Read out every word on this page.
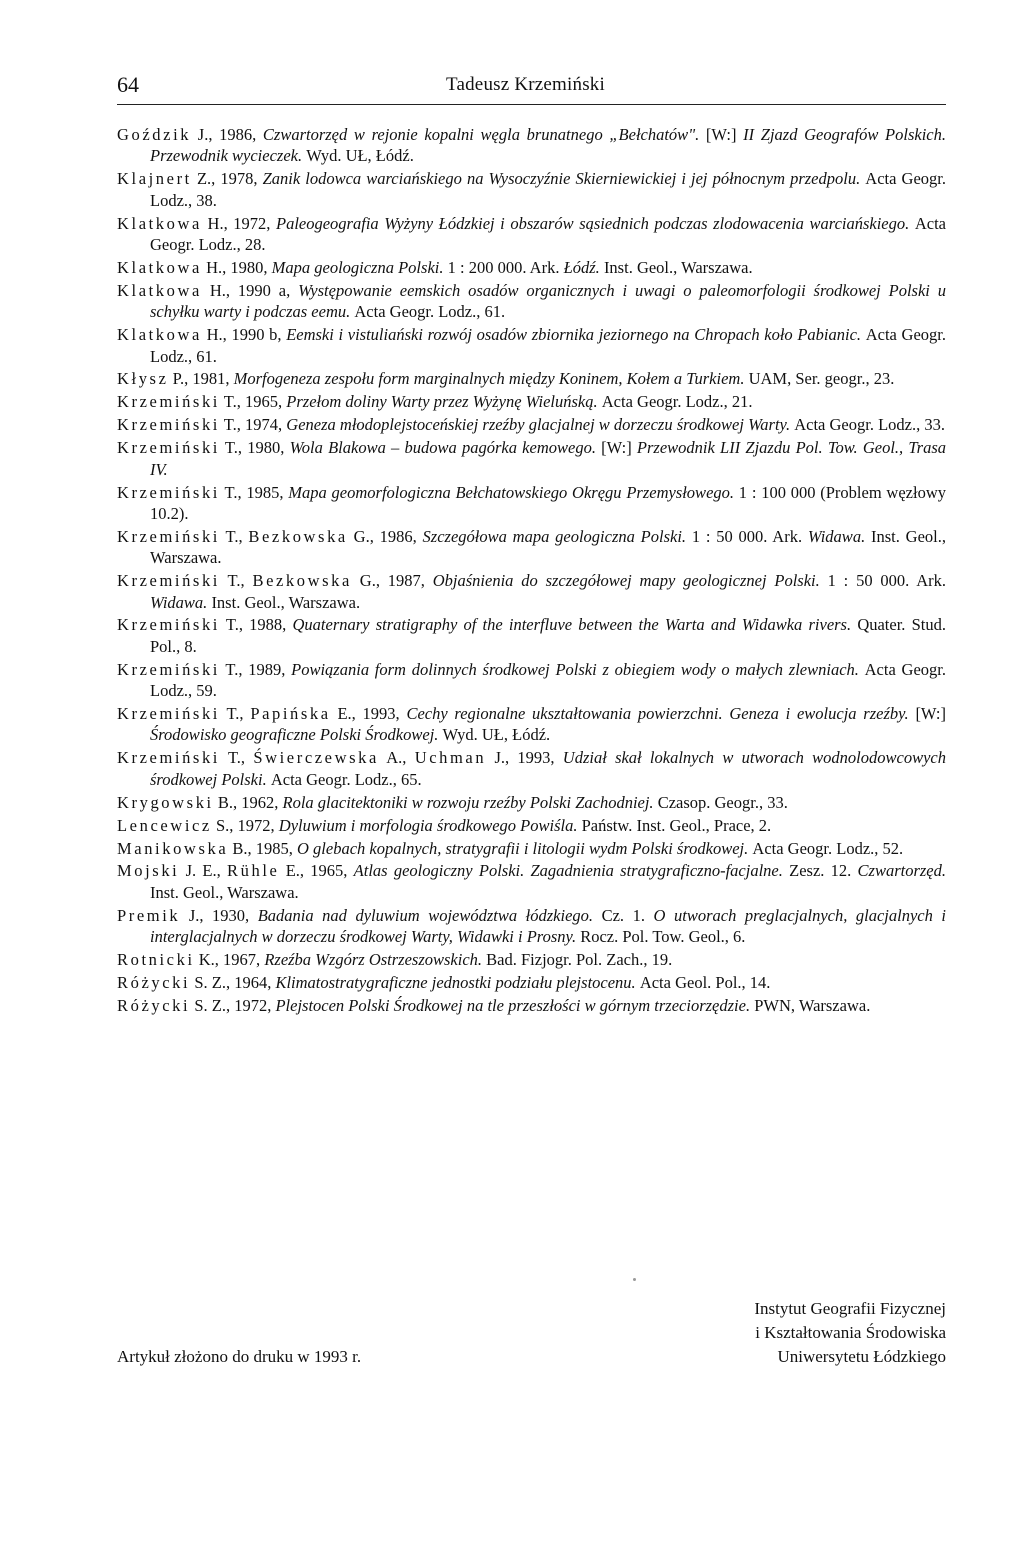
64	Tadeusz Krzemiński

Goździk J., 1986, Czwartorzęd w rejonie kopalni węgla brunatnego „Bełchatów". [W:] II Zjazd Geografów Polskich. Przewodnik wycieczek. Wyd. UŁ, Łódź.

Klajnert Z., 1978, Zanik lodowca warciańskiego na Wysoczyźnie Skierniewickiej i jej północnym przedpolu. Acta Geogr. Lodz., 38.

Klatkowa H., 1972, Paleogeografia Wyżyny Łódzkiej i obszarów sąsiednich podczas zlodowacenia warciańskiego. Acta Geogr. Lodz., 28.

Klatkowa H., 1980, Mapa geologiczna Polski. 1 : 200 000. Ark. Łódź. Inst. Geol., Warszawa.

Klatkowa H., 1990 a, Występowanie eemskich osadów organicznych i uwagi o paleomorfologii środkowej Polski u schyłku warty i podczas eemu. Acta Geogr. Lodz., 61.

Klatkowa H., 1990 b, Eemski i vistuliański rozwój osadów zbiornika jeziornego na Chropach koło Pabianic. Acta Geogr. Lodz., 61.

Kłysz P., 1981, Morfogeneza zespołu form marginalnych między Koninem, Kołem a Turkiem. UAM, Ser. geogr., 23.

Krzemiński T., 1965, Przełom doliny Warty przez Wyżynę Wieluńską. Acta Geogr. Lodz., 21.

Krzemiński T., 1974, Geneza młodoplejstoceńskiej rzeźby glacjalnej w dorzeczu środkowej Warty. Acta Geogr. Lodz., 33.

Krzemiński T., 1980, Wola Blakowa – budowa pagórka kemowego. [W:] Przewodnik LII Zjazdu Pol. Tow. Geol., Trasa IV.

Krzemiński T., 1985, Mapa geomorfologiczna Bełchatowskiego Okręgu Przemysłowego. 1 : 100 000 (Problem węzłowy 10.2).

Krzemiński T., Bezkowska G., 1986, Szczegółowa mapa geologiczna Polski. 1 : 50 000. Ark. Widawa. Inst. Geol., Warszawa.

Krzemiński T., Bezkowska G., 1987, Objaśnienia do szczegółowej mapy geologicznej Polski. 1 : 50 000. Ark. Widawa. Inst. Geol., Warszawa.

Krzemiński T., 1988, Quaternary stratigraphy of the interfluve between the Warta and Widawka rivers. Quater. Stud. Pol., 8.

Krzemiński T., 1989, Powiązania form dolinnych środkowej Polski z obiegiem wody o małych zlewniach. Acta Geogr. Lodz., 59.

Krzemiński T., Papińska E., 1993, Cechy regionalne ukształtowania powierzchni. Geneza i ewolucja rzeźby. [W:] Środowisko geograficzne Polski Środkowej. Wyd. UŁ, Łódź.

Krzemiński T., Świerczewska A., Uchman J., 1993, Udział skał lokalnych w utworach wodnolodowcowych środkowej Polski. Acta Geogr. Lodz., 65.

Krygowski B., 1962, Rola glacitektoniki w rozwoju rzeźby Polski Zachodniej. Czasop. Geogr., 33.

Lencewicz S., 1972, Dyluwium i morfologia środkowego Powiśla. Państw. Inst. Geol., Prace, 2.

Manikowska B., 1985, O glebach kopalnych, stratygrafii i litologii wydm Polski środkowej. Acta Geogr. Lodz., 52.

Mojski J. E., Rühle E., 1965, Atlas geologiczny Polski. Zagadnienia stratygraficzno-facjalne. Zesz. 12. Czwartorzęd. Inst. Geol., Warszawa.

Premik J., 1930, Badania nad dyluwium województwa łódzkiego. Cz. 1. O utworach preglacjalnych, glacjalnych i interglacjalnych w dorzeczu środkowej Warty, Widawki i Prosny. Rocz. Pol. Tow. Geol., 6.

Rotnicki K., 1967, Rzeźba Wzgórz Ostrzeszowskich. Bad. Fizjogr. Pol. Zach., 19.

Różycki S. Z., 1964, Klimatostratygraficzne jednostki podziału plejstocenu. Acta Geol. Pol., 14.

Różycki S. Z., 1972, Plejstocen Polski Środkowej na tle przeszłości w górnym trzeciorzędzie. PWN, Warszawa.

Instytut Geografii Fizycznej
i Kształtowania Środowiska
Uniwersytetu Łódzkiego
Artykuł złożono do druku w 1993 r.
